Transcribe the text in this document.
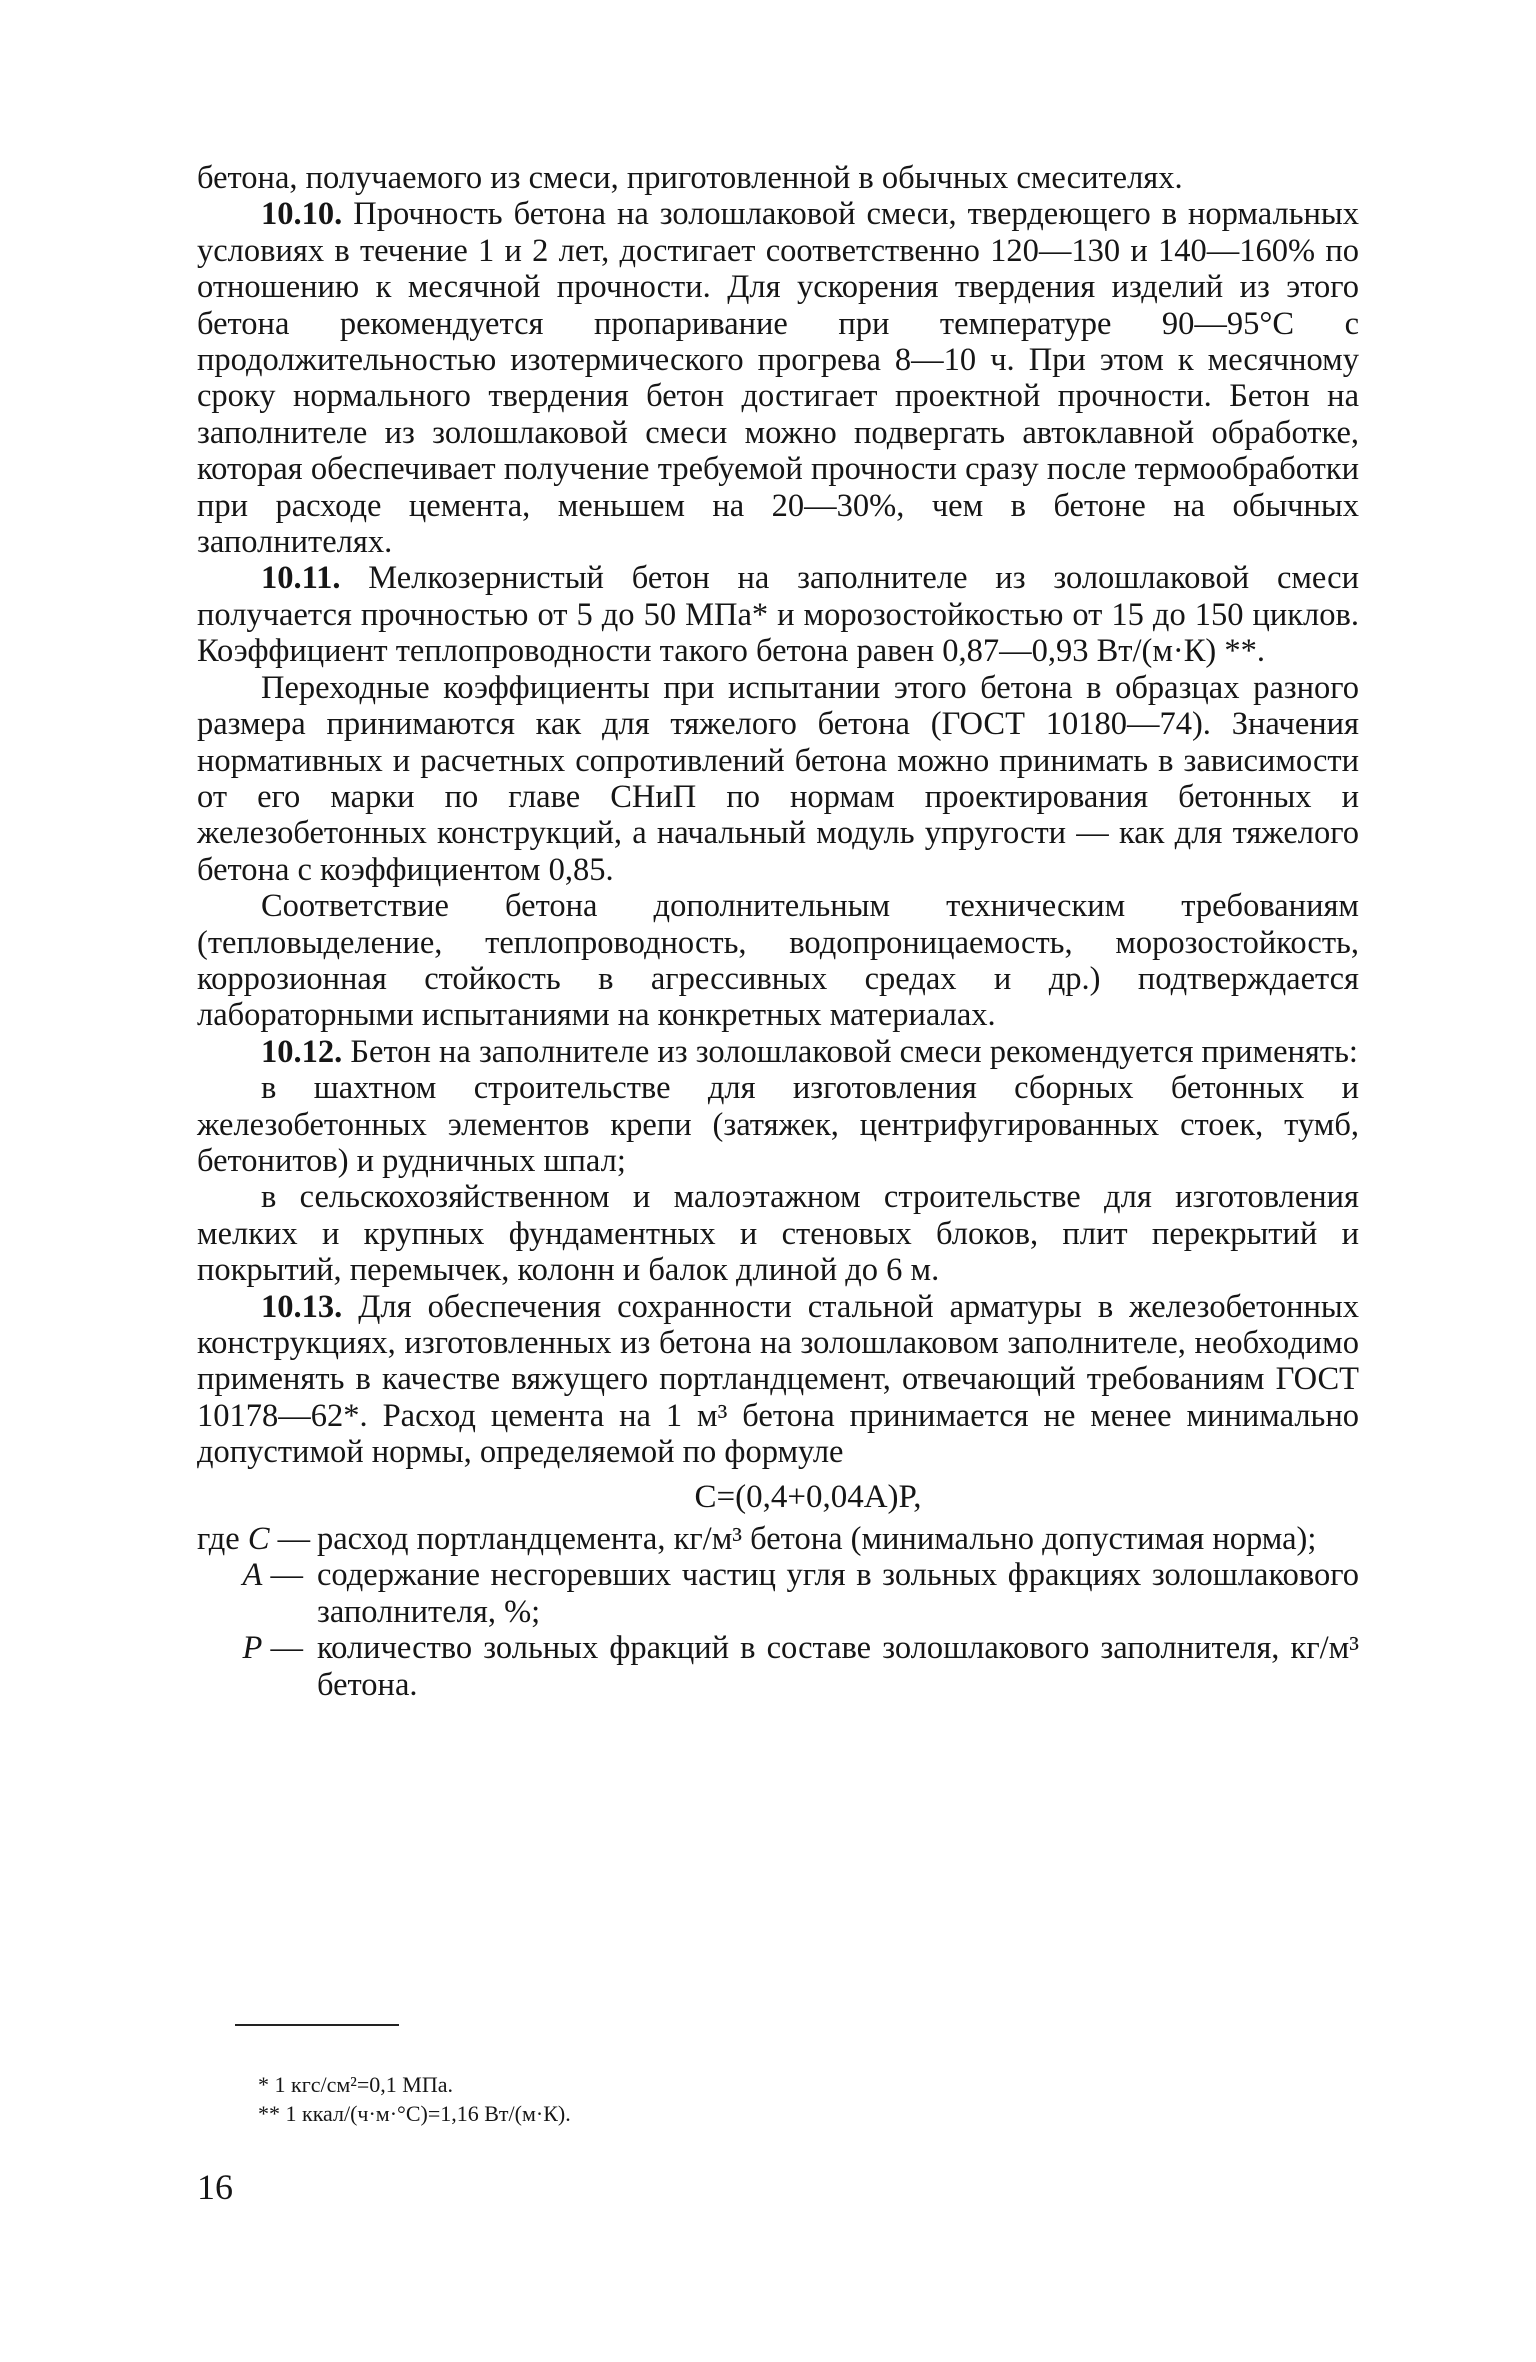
бетона, получаемого из смеси, приготовленной в обычных смесителях.

10.10. Прочность бетона на золошлаковой смеси, твердеющего в нормальных условиях в течение 1 и 2 лет, достигает соответственно 120—130 и 140—160% по отношению к месячной прочности. Для ускорения твердения изделий из этого бетона рекомендуется пропаривание при температуре 90—95°С с продолжительностью изотермического прогрева 8—10 ч. При этом к месячному сроку нормального твердения бетон достигает проектной прочности. Бетон на заполнителе из золошлаковой смеси можно подвергать автоклавной обработке, которая обеспечивает получение требуемой прочности сразу после термообработки при расходе цемента, меньшем на 20—30%, чем в бетоне на обычных заполнителях.

10.11. Мелкозернистый бетон на заполнителе из золошлаковой смеси получается прочностью от 5 до 50 МПа* и морозостойкостью от 15 до 150 циклов. Коэффициент теплопроводности такого бетона равен 0,87—0,93 Вт/(м·К) **.

Переходные коэффициенты при испытании этого бетона в образцах разного размера принимаются как для тяжелого бетона (ГОСТ 10180—74). Значения нормативных и расчетных сопротивлений бетона можно принимать в зависимости от его марки по главе СНиП по нормам проектирования бетонных и железобетонных конструкций, а начальный модуль упругости — как для тяжелого бетона с коэффициентом 0,85.

Соответствие бетона дополнительным техническим требованиям (тепловыделение, теплопроводность, водопроницаемость, морозостойкость, коррозионная стойкость в агрессивных средах и др.) подтверждается лабораторными испытаниями на конкретных материалах.

10.12. Бетон на заполнителе из золошлаковой смеси рекомендуется применять:

в шахтном строительстве для изготовления сборных бетонных и железобетонных элементов крепи (затяжек, центрифугированных стоек, тумб, бетонитов) и рудничных шпал;

в сельскохозяйственном и малоэтажном строительстве для изготовления мелких и крупных фундаментных и стеновых блоков, плит перекрытий и покрытий, перемычек, колонн и балок длиной до 6 м.

10.13. Для обеспечения сохранности стальной арматуры в железобетонных конструкциях, изготовленных из бетона на золошлаковом заполнителе, необходимо применять в качестве вяжущего портландцемент, отвечающий требованиям ГОСТ 10178—62*. Расход цемента на 1 м³ бетона принимается не менее минимально допустимой нормы, определяемой по формуле

C=(0,4+0,04A)P,
где C — расход портландцемента, кг/м³ бетона (минимально допустимая норма);
A — содержание несгоревших частиц угля в зольных фракциях золошлакового заполнителя, %;
P — количество зольных фракций в составе золошлакового заполнителя, кг/м³ бетона.
* 1 кгс/см²=0,1 МПа.
** 1 ккал/(ч·м·°С)=1,16 Вт/(м·К).
16
